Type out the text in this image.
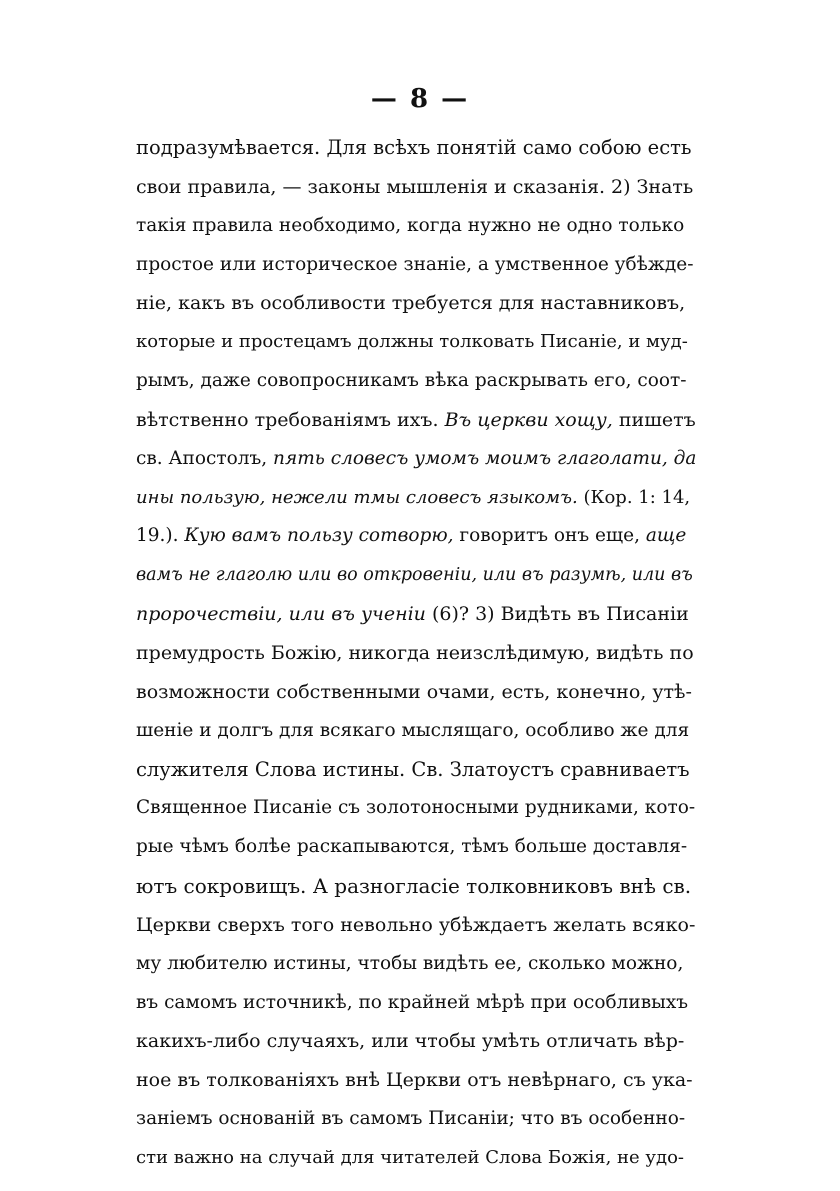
— 8 —
подразумѣвается. Для всѣхъ понятiй само собою есть
свои правила, — законы мышленiя и сказанiя. 2) Знать
такiя правила необходимо, когда нужно не одно только
простое или историческое знанiе, а умственное убѣжде-
нiе, какъ въ особливости требуется для наставниковъ,
которые и простецамъ должны толковать Писанiе, и муд-
рымъ, даже совопросникамъ вѣка раскрывать его, соот-
вѣтственно требованiямъ ихъ. Въ церкви хощу, пишетъ
св. Апостолъ, пять словесъ умомъ моимъ глаголати, да
ины пользую, нежели тмы словесъ языкомъ. (Кор. 1: 14,
19.). Кую вамъ пользу сотворю, говоритъ онъ еще, аще
вамъ не глаголю или во откровенiи, или въ разумѣ, или въ
пророчествiи, или въ ученiи (6)? 3) Видѣть въ Писанiи
премудрость Божiю, никогда неизслѣдимую, видѣть по
возможности собственными очами, есть, конечно, утѣ-
шенiе и долгъ для всякаго мыслящаго, особливо же для
служителя Слова истины. Св. Златоустъ сравниваетъ
Священное Писанiе съ золотоносными рудниками, кото-
рые чѣмъ болѣе раскапываются, тѣмъ больше доставля-
ютъ сокровищъ. А разногласiе толковниковъ внѣ св.
Церкви сверхъ того невольно убѣждаетъ желать всяко-
му любителю истины, чтобы видѣть ее, сколько можно,
въ самомъ источникѣ, по крайней мѣрѣ при особливыхъ
какихъ-либо случаяхъ, или чтобы умѣть отличать вѣр-
ное въ толкованiяхъ внѣ Церкви отъ невѣрнаго, съ ука-
занiемъ основанiй въ самомъ Писанiи; что въ особенно-
сти важно на случай для читателей Слова Божiя, не удо-
